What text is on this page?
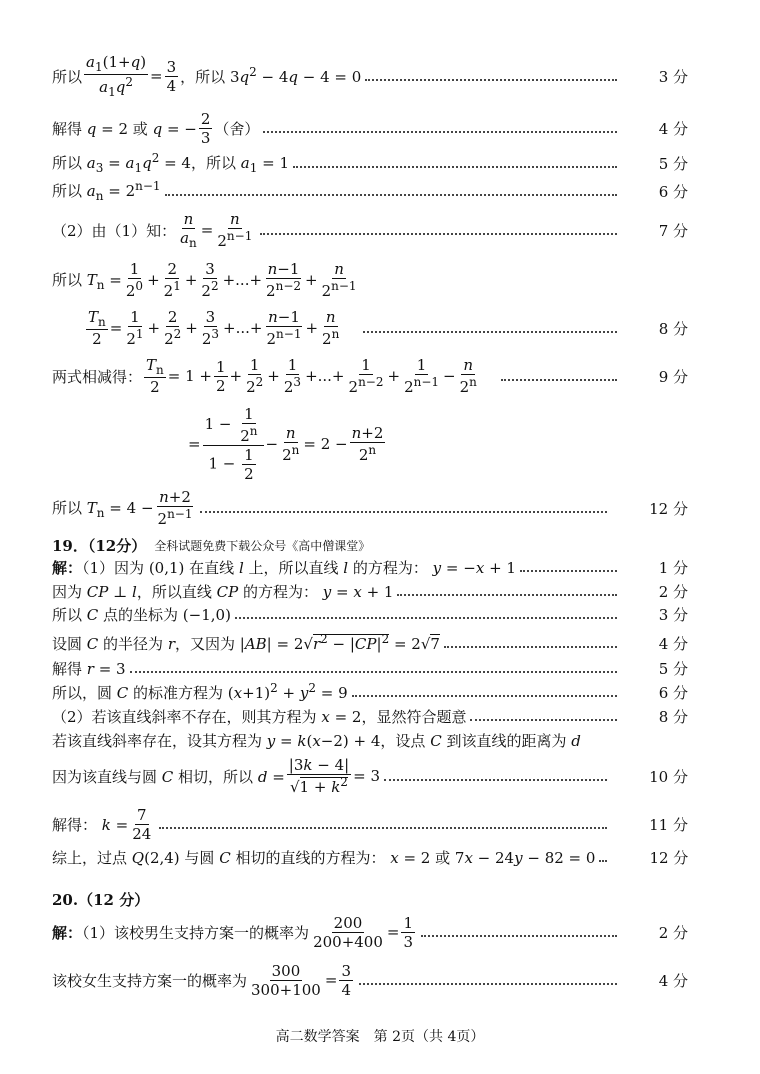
所以 $\frac{a_1(1+q)}{a_1q^2} = \frac{3}{4}$ ，所以 $3q^2 - 4q - 4 = 0$	3 分
解得 q = 2 或 q = − $\frac{2}{3}$ （舍）	4 分
所以 $a_3 = a_1q^2 = 4$，所以 $a_1 = 1$	5 分
所以 $a_n = 2^{n-1}$	6 分
（2）由（1）知： $\frac{n}{a_n} = \frac{n}{2^{n-1}}$	7 分
所以 $T_n = \frac{1}{2^0} + \frac{2}{2^1} + \frac{3}{2^2}$ +...+ $\frac{n-1}{2^{n-2}} + \frac{n}{2^{n-1}}$
$\frac{T_n}{2} = \frac{1}{2^1} + \frac{2}{2^2} + \frac{3}{2^3}$ +...+ $\frac{n-1}{2^{n-1}} + \frac{n}{2^n}$	8 分
两式相减得： $\frac{T_n}{2} = 1 + \frac{1}{2} + \frac{1}{2^2} + \frac{1}{2^3}$ +...+ $\frac{1}{2^{n-2}} + \frac{1}{2^{n-1}} - \frac{n}{2^n}$	9 分
= $\frac{1 - \frac{1}{2^n}}{1 - \frac{1}{2}} - \frac{n}{2^n} = 2 - \frac{n+2}{2^n}$
所以 $T_n = 4 - \frac{n+2}{2^{n-1}}$	12 分
19．（12分） 全科试题免费下载公众号《高中僧课堂》
解：（1）因为 (0,1) 在直线 l 上，所以直线 l 的方程为： y = −x + 1	1 分
因为 CP ⊥ l，所以直线 CP 的方程为： y = x + 1	2 分
所以 C 点的坐标为 (−1,0)	3 分
设圆 C 的半径为 r，又因为 $|AB| = 2√r^2 - |CP|^2 = 2√7$	4 分
解得 r = 3	5 分
所以，圆 C 的标准方程为 $(x+1)^2 + y^2 = 9$	6 分
（2）若该直线斜率不存在，则其方程为 x = 2，显然符合题意	8 分
若该直线斜率存在，设其方程为 y = k(x−2) + 4，设点 C 到该直线的距离为 d
因为该直线与圆 C 相切，所以 $d = \frac{|3k - 4|}{√1 + k^2} = 3$	10 分
解得： $k = \frac{7}{24}$	11 分
综上，过点 Q(2,4) 与圆 C 相切的直线的方程为： x = 2 或 7x − 24y − 82 = 0	12 分
20.（12 分）
解：（1）该校男生支持方案一的概率为 $\frac{200}{200+400} = \frac{1}{3}$	2 分
该校女生支持方案一的概率为 $\frac{300}{300+100} = \frac{3}{4}$	4 分
高二数学答案　第 2页（共 4页）
